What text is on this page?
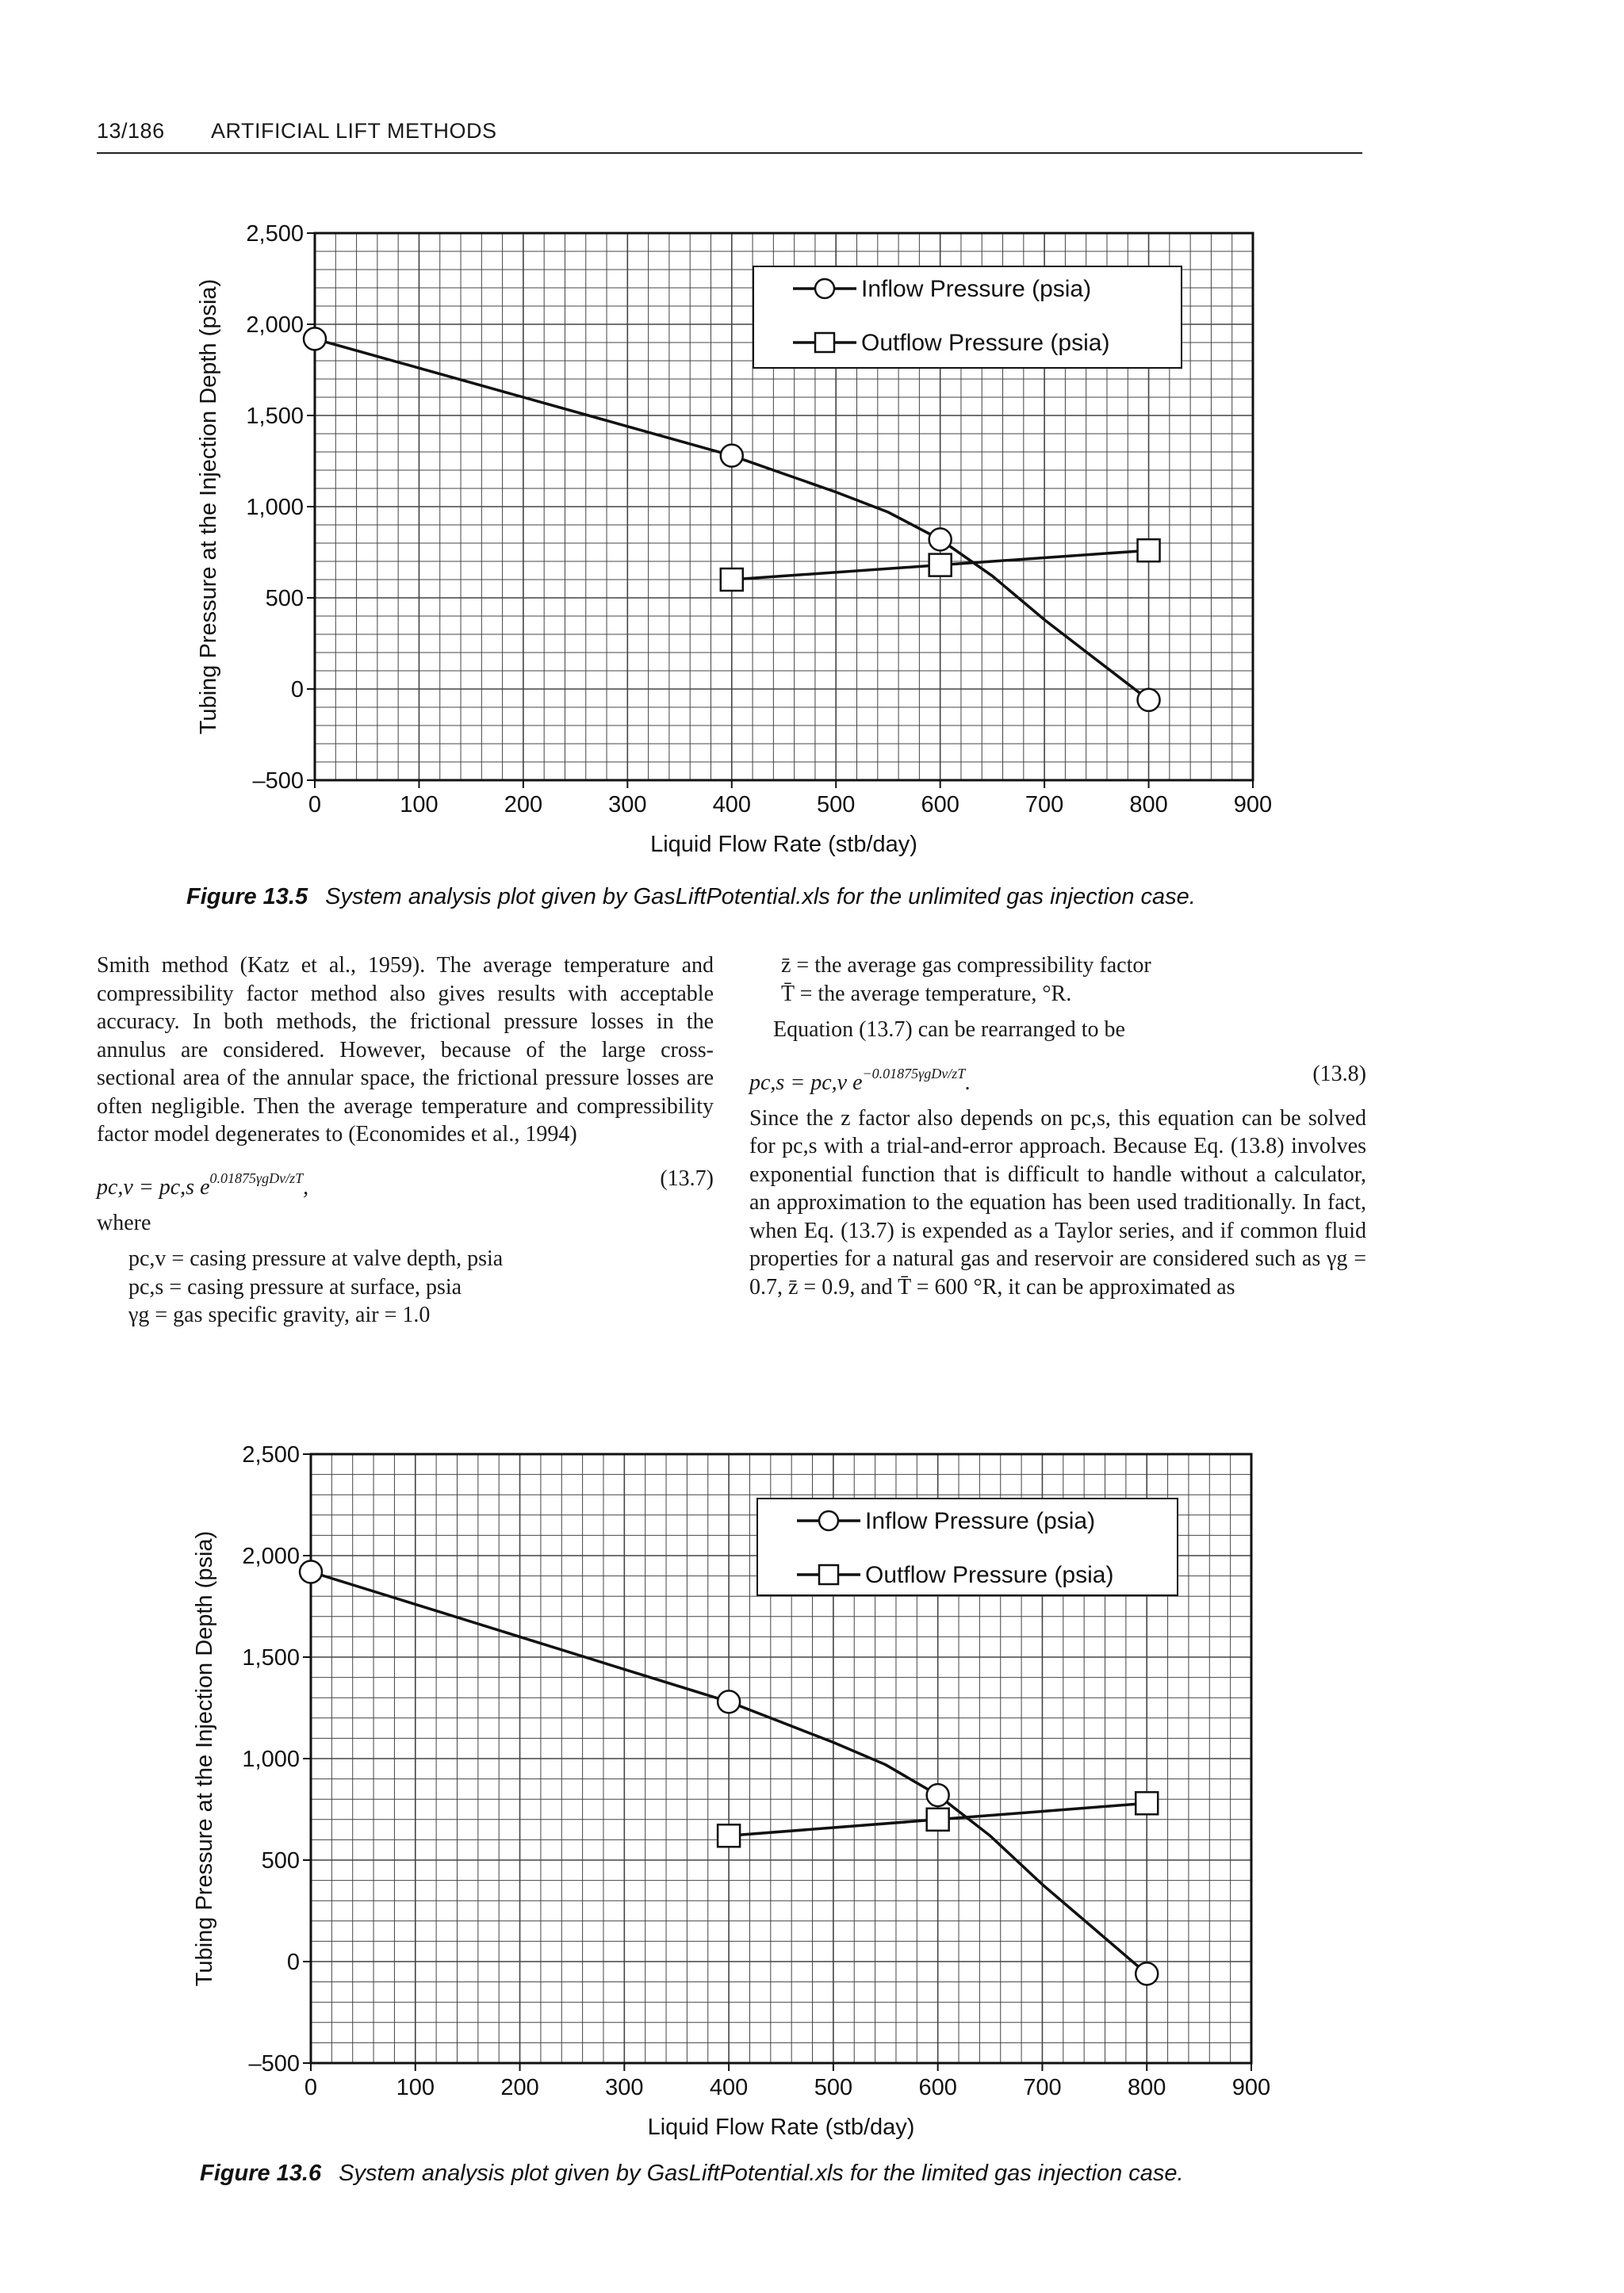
13/186 ARTIFICIAL LIFT METHODS
0	100	200	300	400	500	600	700	800	900
–500
0
500
1,000
1,500
2,000
2,500
Liquid Flow Rate (stb/day)
Tubing Pressure at the Injection Depth (psia)	Inflow Pressure (psia)
Outflow Pressure (psia)
Figure 13.5 System analysis plot given by GasLiftPotential.xls for the unlimited gas injection case.

Smith method (Katz et al., 1959). The average temperature and compressibility factor method also gives results with acceptable accuracy. In both methods, the frictional pressure losses in the annulus are considered. However, because of the large cross-sectional area of the annular space, the frictional pressure losses are often negligible. Then the average temperature and compressibility factor model degenerates to (Economides et al., 1994)

pc,v = pc,s $e^{0.01875\gamma gDv/zT}$,	(13.7)

where

pc,v = casing pressure at valve depth, psia
pc,s = casing pressure at surface, psia
γg = gas specific gravity, air = 1.0
z̄ = the average gas compressibility factor
T̄ = the average temperature, °R.

Equation (13.7) can be rearranged to be

pc,s = pc,v $e^{-0.01875\gamma gDv/zT}$.	(13.8)

Since the z factor also depends on pc,s, this equation can be solved for pc,s with a trial-and-error approach. Because Eq. (13.8) involves exponential function that is difficult to handle without a calculator, an approximation to the equation has been used traditionally. In fact, when Eq. (13.7) is expended as a Taylor series, and if common fluid properties for a natural gas and reservoir are considered such as γg = 0.7, z̄ = 0.9, and T̄ = 600 °R, it can be approximated as

0	100	200	300	400	500	600	700	800	900
–500
0
500
1,000
1,500
2,000
2,500
Liquid Flow Rate (stb/day)
Tubing Pressure at the Injection Depth (psia)
Inflow Pressure (psia)
Outflow Pressure (psia)
Figure 13.6 System analysis plot given by GasLiftPotential.xls for the limited gas injection case.
